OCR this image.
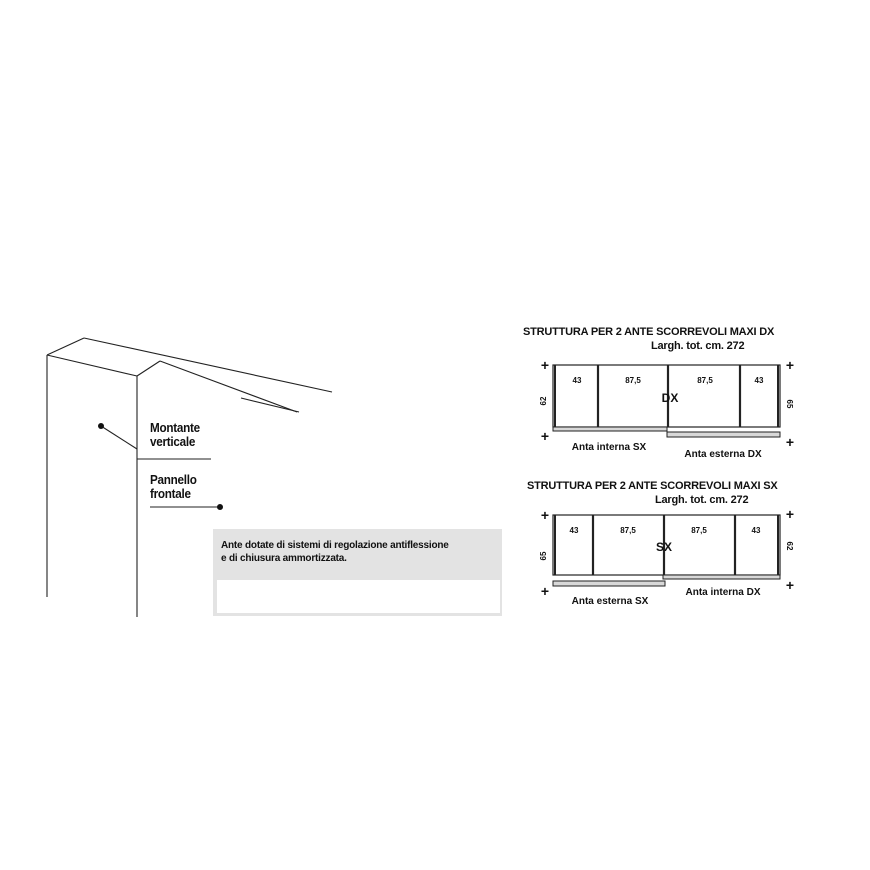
Montante
verticale
Pannello
frontale
Ante dotate di sistemi di regolazione antiflessione
e di chiusura ammortizzata.
STRUTTURA PER 2 ANTE SCORREVOLI MAXI DX
Largh. tot. cm. 272
43	87,5	87,5	43
62	65
DX
Anta interna SX
Anta esterna DX
+	+
+	+
STRUTTURA PER 2 ANTE SCORREVOLI MAXI SX
Largh. tot. cm. 272
43	87,5	87,5	43
65
62
SX
Anta esterna SX
Anta interna DX
+	+
+	+
